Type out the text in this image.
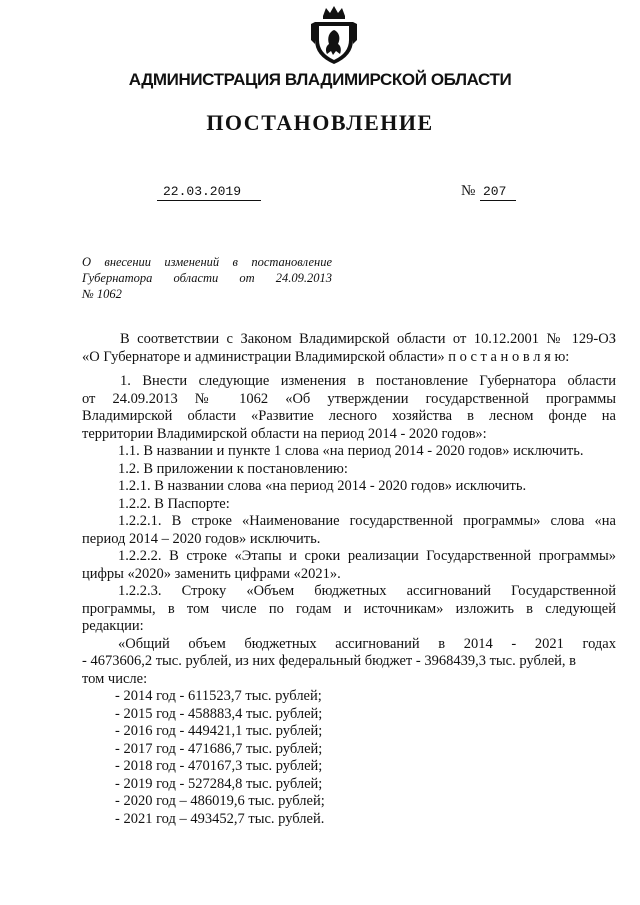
АДМИНИСТРАЦИЯ ВЛАДИМИРСКОЙ ОБЛАСТИ
ПОСТАНОВЛЕНИЕ
22.03.2019	№ 207
О внесении изменений в постановление
Губернатора области от 24.09.2013
№ 1062
В соответствии с Законом Владимирской области от 10.12.2001 № 129-ОЗ
«О Губернаторе и администрации Владимирской области» п о с т а н о в л я ю:
1. Внести следующие изменения в постановление Губернатора области
от 24.09.2013 № 1062 «Об утверждении государственной программы
Владимирской области «Развитие лесного хозяйства в лесном фонде на
территории Владимирской области на период 2014 - 2020 годов»:
1.1. В названии и пункте 1 слова «на период 2014 - 2020 годов» исключить.
1.2. В приложении к постановлению:
1.2.1. В названии слова «на период 2014 - 2020 годов» исключить.
1.2.2. В Паспорте:
1.2.2.1. В строке «Наименование государственной программы» слова «на
период 2014 – 2020 годов» исключить.
1.2.2.2. В строке «Этапы и сроки реализации Государственной программы»
цифры «2020» заменить цифрами «2021».
1.2.2.3. Строку «Объем бюджетных ассигнований Государственной
программы, в том числе по годам и источникам» изложить в следующей
редакции:
«Общий объем бюджетных ассигнований в 2014 - 2021 годах
- 4673606,2 тыс. рублей, из них федеральный бюджет - 3968439,3 тыс. рублей, в
том числе:
- 2014 год - 611523,7 тыс. рублей;
- 2015 год - 458883,4 тыс. рублей;
- 2016 год - 449421,1 тыс. рублей;
- 2017 год - 471686,7 тыс. рублей;
- 2018 год - 470167,3 тыс. рублей;
- 2019 год - 527284,8 тыс. рублей;
- 2020 год – 486019,6 тыс. рублей;
- 2021 год – 493452,7 тыс. рублей.
